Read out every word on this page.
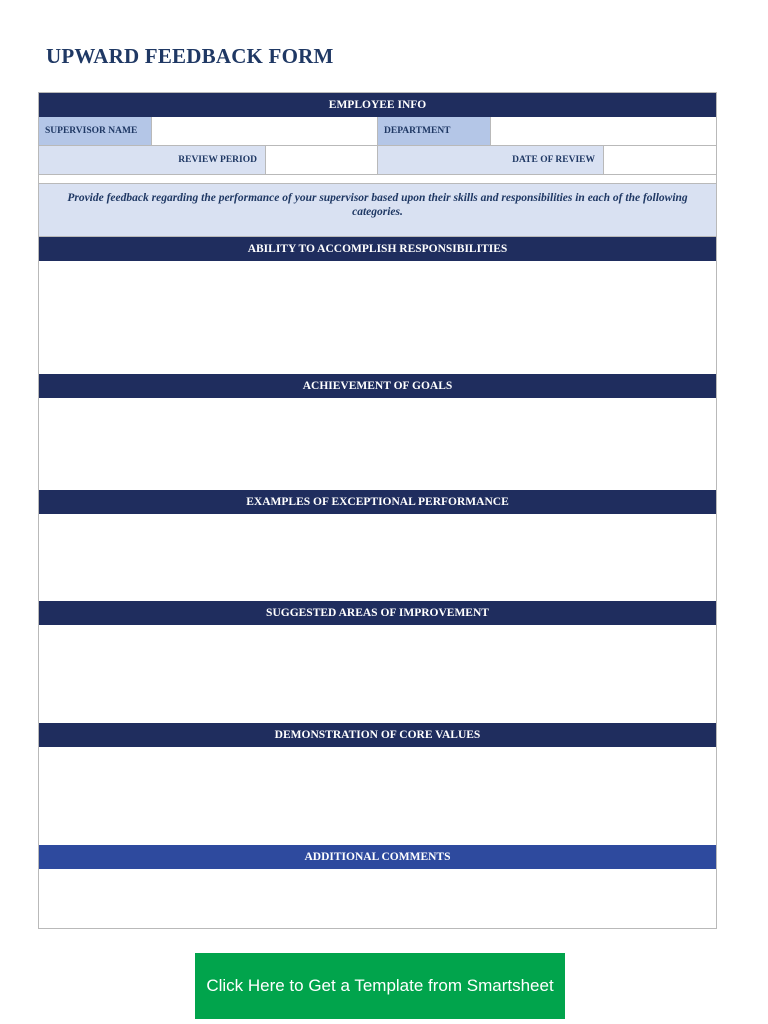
UPWARD FEEDBACK FORM
EMPLOYEE INFO
SUPERVISOR NAME	DEPARTMENT
REVIEW PERIOD	DATE OF REVIEW
Provide feedback regarding the performance of your supervisor based upon their skills and responsibilities in each of the following categories.
ABILITY TO ACCOMPLISH RESPONSIBILITIES
ACHIEVEMENT OF GOALS
EXAMPLES OF EXCEPTIONAL PERFORMANCE
SUGGESTED AREAS OF IMPROVEMENT
DEMONSTRATION OF CORE VALUES
ADDITIONAL COMMENTS
Click Here to Get a Template from Smartsheet
